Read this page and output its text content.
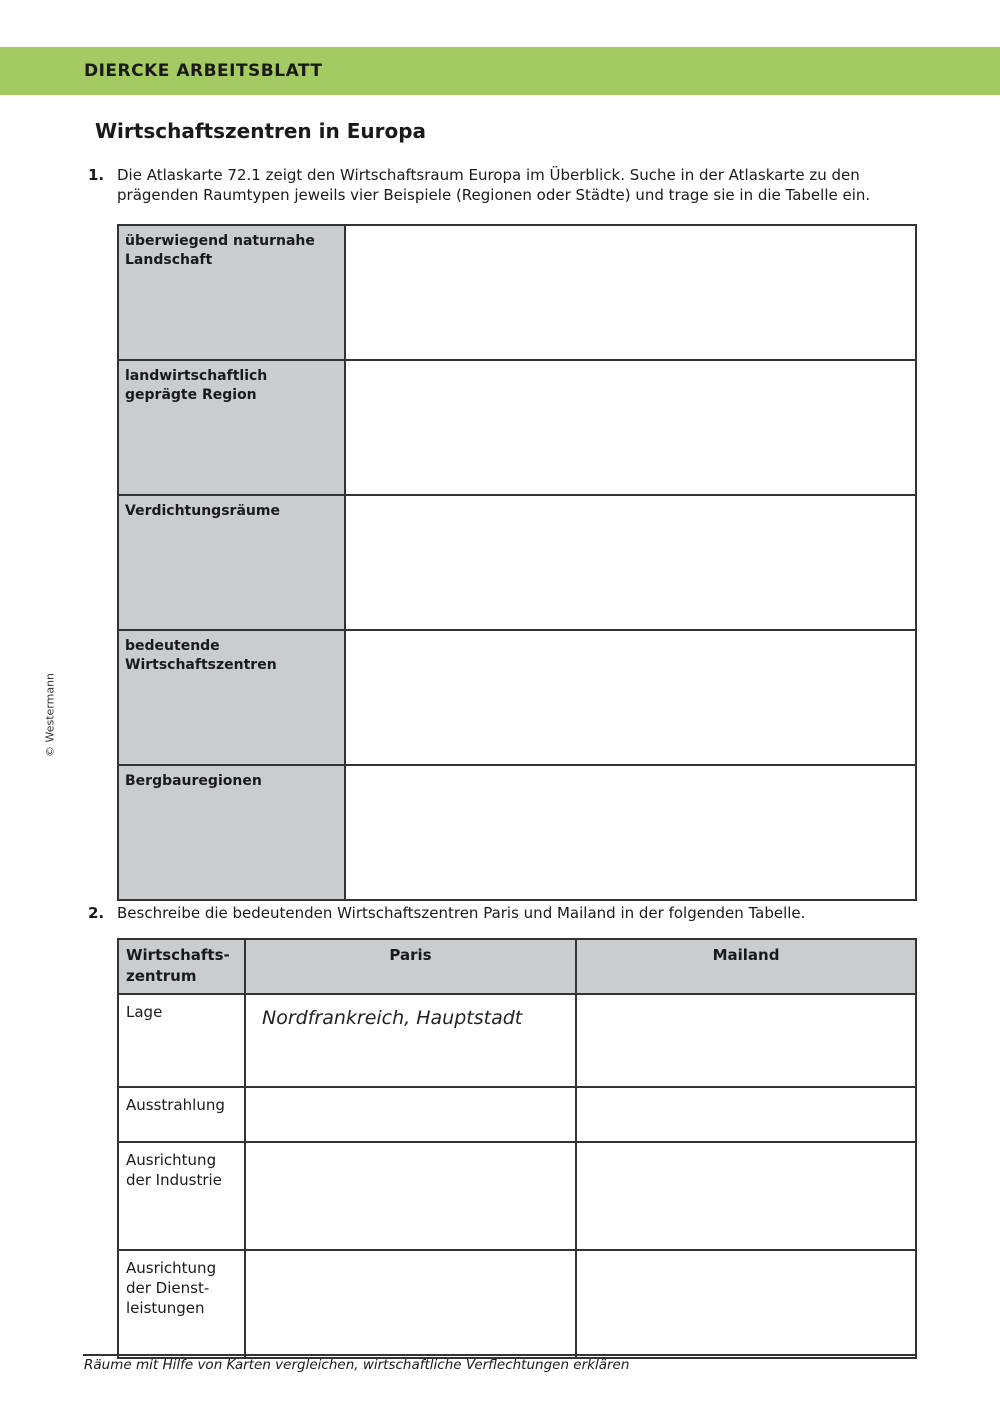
DIERCKE ARBEITSBLATT
Wirtschaftszentren in Europa
© Westermann
1. Die Atlaskarte 72.1 zeigt den Wirtschaftsraum Europa im Überblick. Suche in der Atlaskarte zu den prägenden Raumtypen jeweils vier Beispiele (Regionen oder Städte) und trage sie in die Tabelle ein.
überwiegend naturnahe
Landschaft	

landwirtschaftlich
geprägte Region	

Verdichtungsräume	

bedeutende
Wirtschaftszentren	

Bergbauregionen	

2. Beschreibe die bedeutenden Wirtschaftszentren Paris und Mailand in der folgenden Tabelle.
Wirtschafts-
zentrum	Paris	Mailand

Lage	Nordfrankreich, Hauptstadt	

Ausstrahlung		

Ausrichtung
der Industrie		

Ausrichtung
der Dienst-
leistungen		

Räume mit Hilfe von Karten vergleichen, wirtschaftliche Verflechtungen erklären
